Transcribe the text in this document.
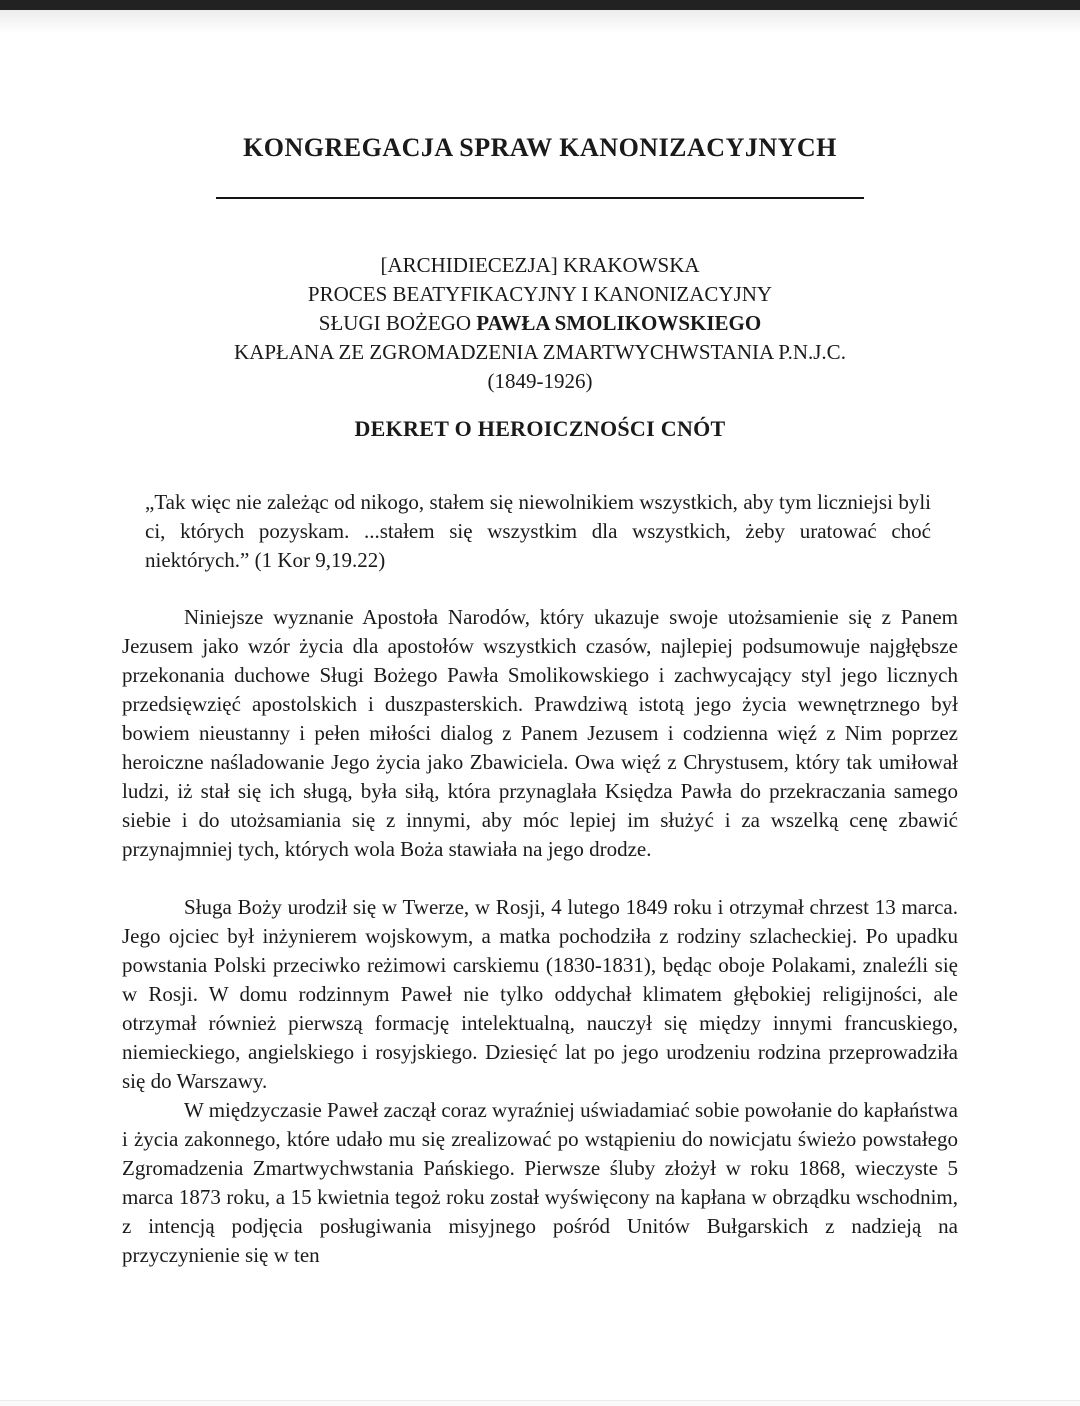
KONGREGACJA SPRAW KANONIZACYJNYCH
[ARCHIDIECEZJA] KRAKOWSKA
PROCES BEATYFIKACYJNY I KANONIZACYJNY
SŁUGI BOŻEGO PAWŁA SMOLIKOWSKIEGO
KAPŁANA ZE ZGROMADZENIA ZMARTWYCHWSTANIA P.N.J.C.
(1849-1926)
DEKRET O HEROICZNOŚCI CNÓT
„Tak więc nie zależąc od nikogo, stałem się niewolnikiem wszystkich, aby tym liczniejsi byli ci, których pozyskam. ...stałem się wszystkim dla wszystkich, żeby uratować choć niektórych.” (1 Kor 9,19.22)

Niniejsze wyznanie Apostoła Narodów, który ukazuje swoje utożsamienie się z Panem Jezusem jako wzór życia dla apostołów wszystkich czasów, najlepiej podsumowuje najgłębsze przekonania duchowe Sługi Bożego Pawła Smolikowskiego i zachwycający styl jego licznych przedsięwzięć apostolskich i duszpasterskich. Prawdziwą istotą jego życia wewnętrznego był bowiem nieustanny i pełen miłości dialog z Panem Jezusem i codzienna więź z Nim poprzez heroiczne naśladowanie Jego życia jako Zbawiciela. Owa więź z Chrystusem, który tak umiłował ludzi, iż stał się ich sługą, była siłą, która przynaglała Księdza Pawła do przekraczania samego siebie i do utożsamiania się z innymi, aby móc lepiej im służyć i za wszelką cenę zbawić przynajmniej tych, których wola Boża stawiała na jego drodze.

Sługa Boży urodził się w Twerze, w Rosji, 4 lutego 1849 roku i otrzymał chrzest 13 marca. Jego ojciec był inżynierem wojskowym, a matka pochodziła z rodziny szlacheckiej. Po upadku powstania Polski przeciwko reżimowi carskiemu (1830-1831), będąc oboje Polakami, znaleźli się w Rosji. W domu rodzinnym Paweł nie tylko oddychał klimatem głębokiej religijności, ale otrzymał również pierwszą formację intelektualną, nauczył się między innymi francuskiego, niemieckiego, angielskiego i rosyjskiego. Dziesięć lat po jego urodzeniu rodzina przeprowadziła się do Warszawy.

W międzyczasie Paweł zaczął coraz wyraźniej uświadamiać sobie powołanie do kapłaństwa i życia zakonnego, które udało mu się zrealizować po wstąpieniu do nowicjatu świeżo powstałego Zgromadzenia Zmartwychwstania Pańskiego. Pierwsze śluby złożył w roku 1868, wieczyste 5 marca 1873 roku, a 15 kwietnia tegoż roku został wyświęcony na kapłana w obrządku wschodnim, z intencją podjęcia posługiwania misyjnego pośród Unitów Bułgarskich z nadzieją na przyczynienie się w ten
